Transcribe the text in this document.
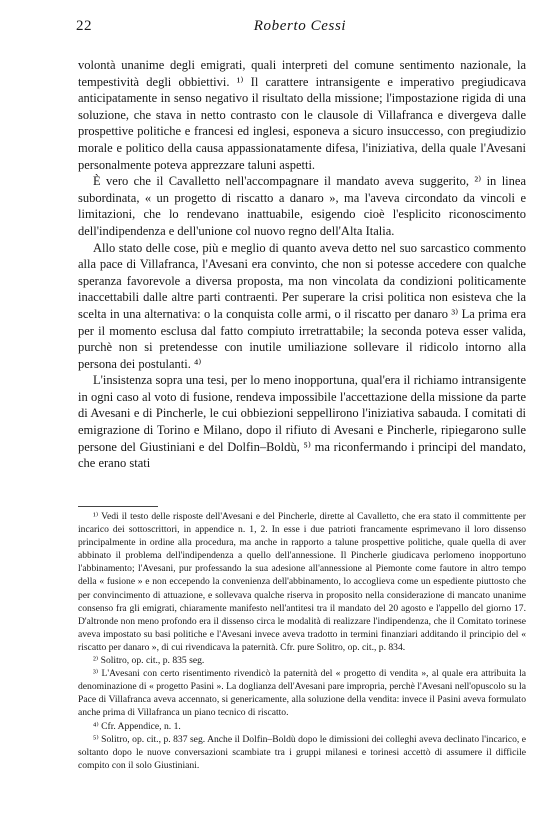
22	Roberto Cessi

volontà unanime degli emigrati, quali interpreti del comune sentimento nazionale, la tempestività degli obbiettivi. ¹⁾ Il carattere intransigente e imperativo pregiudicava anticipatamente in senso negativo il risultato della missione; l'impostazione rigida di una soluzione, che stava in netto contrasto con le clausole di Villafranca e divergeva dalle prospettive politiche e francesi ed inglesi, esponeva a sicuro insuccesso, con pregiudizio morale e politico della causa appassionatamente difesa, l'iniziativa, della quale l'Avesani personalmente poteva apprezzare taluni aspetti.

È vero che il Cavalletto nell'accompagnare il mandato aveva suggerito, ²⁾ in linea subordinata, « un progetto di riscatto a danaro », ma l'aveva circondato da vincoli e limitazioni, che lo rendevano inattuabile, esigendo cioè l'esplicito riconoscimento dell'indipendenza e dell'unione col nuovo regno dell'Alta Italia.

Allo stato delle cose, più e meglio di quanto aveva detto nel suo sarcastico commento alla pace di Villafranca, l'Avesani era convinto, che non si potesse accedere con qualche speranza favorevole a diversa proposta, ma non vincolata da condizioni politicamente inaccettabili dalle altre parti contraenti. Per superare la crisi politica non esisteva che la scelta in una alternativa: o la conquista colle armi, o il riscatto per danaro ³⁾ La prima era per il momento esclusa dal fatto compiuto irretrattabile; la seconda poteva esser valida, purchè non si pretendesse con inutile umiliazione sollevare il ridicolo intorno alla persona dei postulanti. ⁴⁾

L'insistenza sopra una tesi, per lo meno inopportuna, qual'era il richiamo intransigente in ogni caso al voto di fusione, rendeva impossibile l'accettazione della missione da parte di Avesani e di Pincherle, le cui obbiezioni seppellirono l'iniziativa sabauda. I comitati di emigrazione di Torino e Milano, dopo il rifiuto di Avesani e Pincherle, ripiegarono sulle persone del Giustiniani e del Dolfin–Boldù, ⁵⁾ ma riconfermando i principi del mandato, che erano stati

¹⁾ Vedi il testo delle risposte dell'Avesani e del Pincherle, dirette al Cavalletto, che era stato il committente per incarico dei sottoscrittori, in appendice n. 1, 2. In esse i due patrioti francamente esprimevano il loro dissenso principalmente in ordine alla procedura, ma anche in rapporto a talune prospettive politiche, quale quella di aver abbinato il problema dell'indipendenza a quello dell'annessione. Il Pincherle giudicava perlomeno inopportuno l'abbinamento; l'Avesani, pur professando la sua adesione all'annessione al Piemonte come fautore in altro tempo della « fusione » e non eccependo la convenienza dell'abbinamento, lo accoglieva come un espediente piuttosto che per convincimento di attuazione, e sollevava qualche riserva in proposito nella considerazione di mancato unanime consenso fra gli emigrati, chiaramente manifesto nell'antitesi tra il mandato del 20 agosto e l'appello del giorno 17. D'altronde non meno profondo era il dissenso circa le modalità di realizzare l'indipendenza, che il Comitato torinese aveva impostato su basi politiche e l'Avesani invece aveva tradotto in termini finanziari additando il principio del « riscatto per danaro », di cui rivendicava la paternità. Cfr. pure Solitro, op. cit., p. 834.

²⁾ Solitro, op. cit., p. 835 seg.

³⁾ L'Avesani con certo risentimento rivendicò la paternità del « progetto di vendita », al quale era attribuita la denominazione di « progetto Pasini ». La doglianza dell'Avesani pare impropria, perchè l'Avesani nell'opuscolo su la Pace di Villafranca aveva accennato, si genericamente, alla soluzione della vendita: invece il Pasini aveva formulato anche prima di Villafranca un piano tecnico di riscatto.

⁴⁾ Cfr. Appendice, n. 1.

⁵⁾ Solitro, op. cit., p. 837 seg. Anche il Dolfin–Boldù dopo le dimissioni dei colleghi aveva declinato l'incarico, e soltanto dopo le nuove conversazioni scambiate tra i gruppi milanesi e torinesi accettò di assumere il difficile compito con il solo Giustiniani.
